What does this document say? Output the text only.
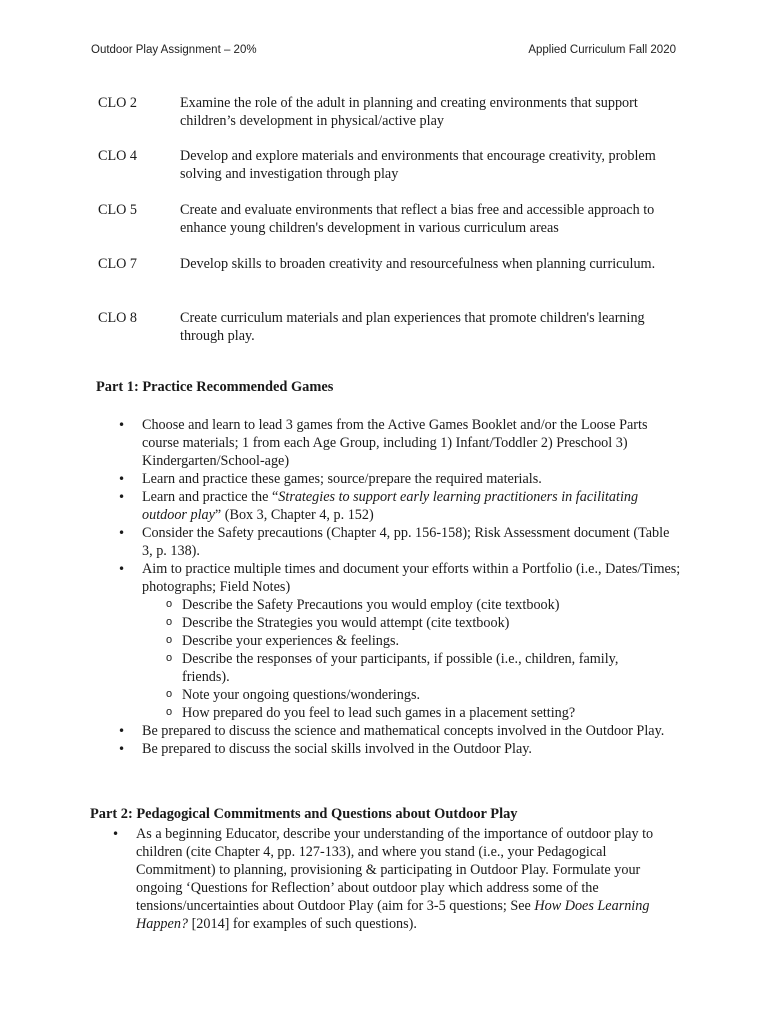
Outdoor Play Assignment – 20%	Applied Curriculum Fall 2020
CLO 2	Examine the role of the adult in planning and creating environments that support children’s development in physical/active play
CLO 4	Develop and explore materials and environments that encourage creativity, problem solving and investigation through play
CLO 5	Create and evaluate environments that reflect a bias free and accessible approach to enhance young children's development in various curriculum areas
CLO 7	Develop skills to broaden creativity and resourcefulness when planning curriculum.
CLO 8	Create curriculum materials and plan experiences that promote children's learning through play.
Part 1: Practice Recommended Games
• Choose and learn to lead 3 games from the Active Games Booklet and/or the Loose Parts course materials; 1 from each Age Group, including 1) Infant/Toddler 2) Preschool 3) Kindergarten/School-age)
• Learn and practice these games; source/prepare the required materials.
• Learn and practice the “Strategies to support early learning practitioners in facilitating outdoor play” (Box 3, Chapter 4, p. 152)
• Consider the Safety precautions (Chapter 4, pp. 156-158); Risk Assessment document (Table 3, p. 138).
• Aim to practice multiple times and document your efforts within a Portfolio (i.e., Dates/Times; photographs; Field Notes)
o Describe the Safety Precautions you would employ (cite textbook)
o Describe the Strategies you would attempt (cite textbook)
o Describe your experiences & feelings.
o Describe the responses of your participants, if possible (i.e., children, family, friends).
o Note your ongoing questions/wonderings.
o How prepared do you feel to lead such games in a placement setting?
• Be prepared to discuss the science and mathematical concepts involved in the Outdoor Play.
• Be prepared to discuss the social skills involved in the Outdoor Play.
Part 2: Pedagogical Commitments and Questions about Outdoor Play
• As a beginning Educator, describe your understanding of the importance of outdoor play to children (cite Chapter 4, pp. 127-133), and where you stand (i.e., your Pedagogical Commitment) to planning, provisioning & participating in Outdoor Play. Formulate your ongoing ‘Questions for Reflection’ about outdoor play which address some of the tensions/uncertainties about Outdoor Play (aim for 3-5 questions; See How Does Learning Happen? [2014] for examples of such questions).
